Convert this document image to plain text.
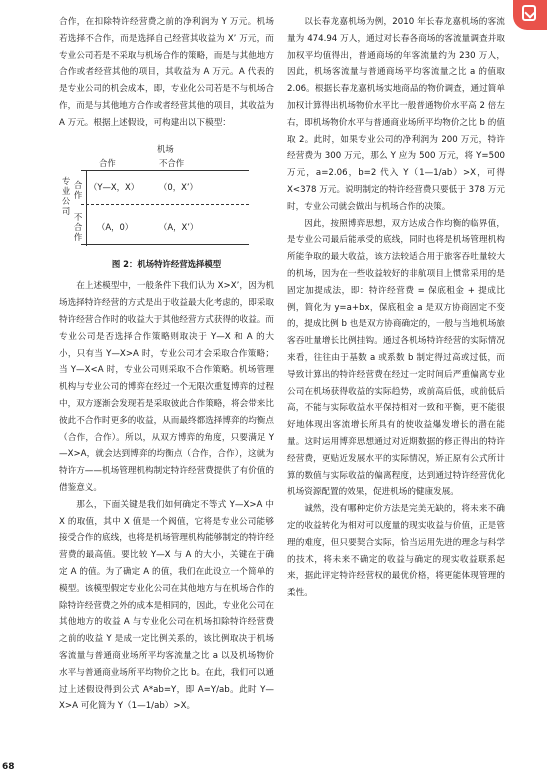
合作，在扣除特许经营费之前的净利润为 Y 万元。机场若选择不合作，而是选择自己经营其收益为 X’ 万元，而专业公司若是不采取与机场合作的策略，而是与其他地方合作或者经营其他的项目，其收益为 A 万元。A 代表的是专业公司的机会成本，即，专业化公司若是不与机场合作，而是与其他地方合作或者经营其他的项目，其收益为 A 万元。根据上述假设，可构建出以下模型：

机场
合作	不合作
专业公司
合作
不合作
（Y—X，X） （0，X’）
（A，0）	（A，X’）
图 2：机场特许经营选择模型

在上述模型中，一般条件下我们认为 X>X’，因为机场选择特许经营的方式是出于收益最大化考虑的，即采取特许经营合作时的收益大于其他经营方式获得的收益。而专业公司是否选择合作策略则取决于 Y—X 和 A 的大小，只有当 Y—X>A 时，专业公司才会采取合作策略；当 Y—X<A 时，专业公司则采取不合作策略。机场管理机构与专业公司的博弈在经过一个无限次重复博弈的过程中，双方逐渐会发现若是采取彼此合作策略，将会带来比彼此不合作时更多的收益，从而最终都选择博弈的均衡点（合作，合作）。所以，从双方博弈的角度，只要满足 Y—X>A，就会达到博弈的均衡点（合作，合作），这就为特许方——机场管理机构制定特许经营费提供了有价值的借鉴意义。

那么，下面关键是我们如何确定不等式 Y—X>A 中 X 的取值，其中 X 值是一个阀值，它将是专业公司能够接受合作的底线，也将是机场管理机构能够制定的特许经营费的最高值。要比较 Y—X 与 A 的大小，关键在于确定 A 的值。为了确定 A 的值，我们在此设立一个简单的模型。该模型假定专业化公司在其他地方与在机场合作的除特许经营费之外的成本是相同的，因此，专业化公司在其他地方的收益 A 与专业化公司在机场扣除特许经营费之前的收益 Y 是成一定比例关系的，该比例取决于机场客流量与普通商业场所平均客流量之比 a 以及机场物价水平与普通商业场所平均物价之比 b。在此，我们可以通过上述假设得到公式 A*ab=Y，即 A=Y/ab。此时 Y—X>A 可化简为 Y（1—1/ab）>X。

以长春龙嘉机场为例，2010 年长春龙嘉机场的客流量为 474.94 万人，通过对长春各商场的客流量调查并取加权平均值得出，普通商场的年客流量约为 230 万人，因此，机场客流量与普通商场平均客流量之比 a 的值取 2.06。根据长春龙嘉机场实地商品的物价调查，通过简单加权计算得出机场物价水平比一般普通物价水平高 2 倍左右，即机场物价水平与普通商业场所平均物价之比 b 的值取 2。此时，如果专业公司的净利润为 200 万元，特许经营费为 300 万元，那么 Y 应为 500 万元，将 Y=500 万元，a=2.06，b=2 代入 Y（1—1/ab）>X，可得 X<378 万元。说明制定的特许经营费只要低于 378 万元时，专业公司就会做出与机场合作的决策。

因此，按照博弈思想，双方达成合作均衡的临界值，是专业公司最后能承受的底线，同时也将是机场管理机构所能争取的最大收益，该方法较适合用于旅客吞吐量较大的机场，因为在一些收益较好的非航项目上惯常采用的是固定加提成法，即：特许经营费 = 保底租金 + 提成比例，简化为 y=a+bx，保底租金 a 是双方协商固定不变的，提成比例 b 也是双方协商确定的，一般与当地机场旅客吞吐量增长比例挂钩。通过各机场特许经营的实际情况来看，往往由于基数 a 或系数 b 制定得过高或过低，而导致计算出的特许经营费在经过一定时间后严重偏离专业公司在机场获得收益的实际趋势，或前高后低，或前低后高，不能与实际收益水平保持相对一致和平衡，更不能很好地体现出客流增长所具有的使收益爆发增长的潜在能量。这时运用博弈思想通过对近期数据的修正得出的特许经营费，更贴近发展水平的实际情况，矫正原有公式所计算的数值与实际收益的偏离程度，达到通过特许经营优化机场资源配置的效果，促进机场的健康发展。

诚然，没有哪种定价方法是完美无缺的，将未来不确定的收益转化为相对可以度量的现实收益与价值，正是管理的难度，但只要契合实际，恰当运用先进的理念与科学的技术，将未来不确定的收益与确定的现实收益联系起来，据此评定特许经营权的最优价格，将更能体现管理的柔性。

68
